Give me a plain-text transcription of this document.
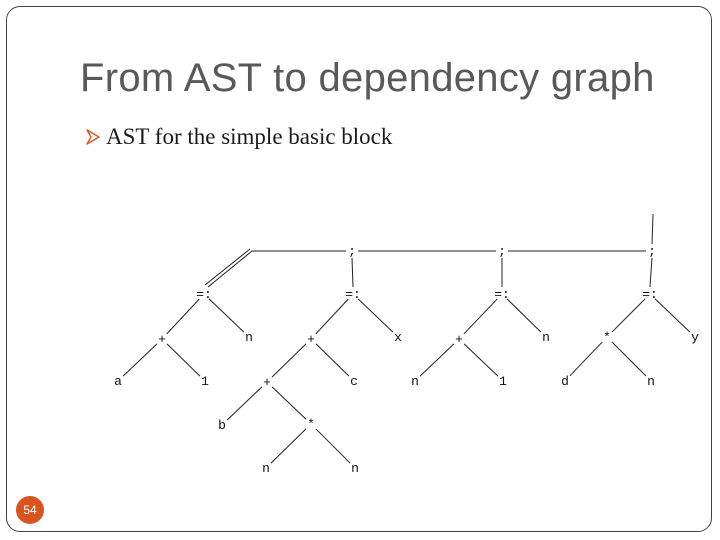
From AST to dependency graph
AST for the simple basic block
;	;	;
=:	=:	=:	=:
+	n
a	1
+	x
+	c
b	*
n	n
+	n
n	1
*	y
d	n
54
